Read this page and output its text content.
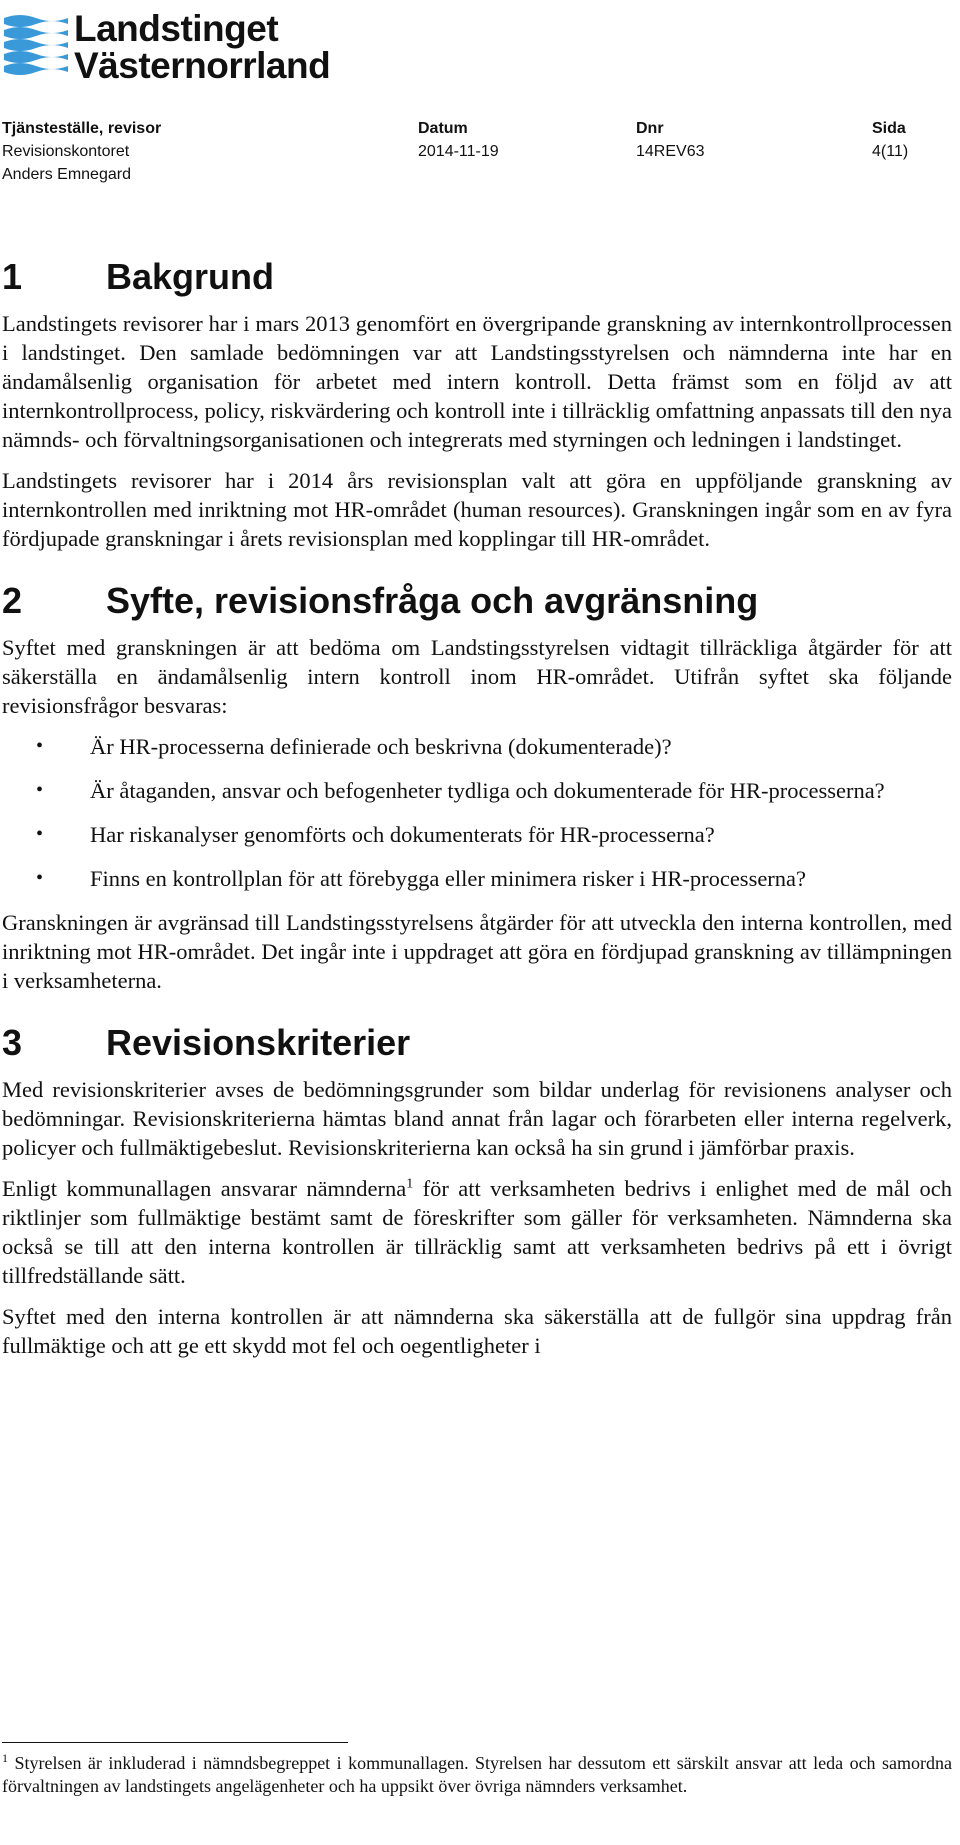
Landstinget
Västernorrland
Tjänsteställe, revisor
Revisionskontoret
Anders Emnegard
Datum
2014-11-19
Dnr
14REV63
Sida
4(11)
1	Bakgrund

Landstingets revisorer har i mars 2013 genomfört en övergripande granskning av internkontrollprocessen i landstinget. Den samlade bedömningen var att Landstingsstyrelsen och nämnderna inte har en ändamålsenlig organisation för arbetet med intern kontroll. Detta främst som en följd av att internkontrollprocess, policy, riskvärdering och kontroll inte i tillräcklig omfattning anpassats till den nya nämnds- och förvaltningsorganisationen och integrerats med styrningen och ledningen i landstinget.

Landstingets revisorer har i 2014 års revisionsplan valt att göra en uppföljande granskning av internkontrollen med inriktning mot HR-området (human resources). Granskningen ingår som en av fyra fördjupade granskningar i årets revisionsplan med kopplingar till HR-området.

2	Syfte, revisionsfråga och avgränsning

Syftet med granskningen är att bedöma om Landstingsstyrelsen vidtagit tillräckliga åtgärder för att säkerställa en ändamålsenlig intern kontroll inom HR-området. Utifrån syftet ska följande revisionsfrågor besvaras:

• Är HR-processerna definierade och beskrivna (dokumenterade)?
• Är åtaganden, ansvar och befogenheter tydliga och dokumenterade för HR-processerna?
• Har riskanalyser genomförts och dokumenterats för HR-processerna?
• Finns en kontrollplan för att förebygga eller minimera risker i HR-processerna?

Granskningen är avgränsad till Landstingsstyrelsens åtgärder för att utveckla den interna kontrollen, med inriktning mot HR-området. Det ingår inte i uppdraget att göra en fördjupad granskning av tillämpningen i verksamheterna.

3	Revisionskriterier

Med revisionskriterier avses de bedömningsgrunder som bildar underlag för revisionens analyser och bedömningar. Revisionskriterierna hämtas bland annat från lagar och förarbeten eller interna regelverk, policyer och fullmäktigebeslut. Revisionskriterierna kan också ha sin grund i jämförbar praxis.

Enligt kommunallagen ansvarar nämnderna$^1$ för att verksamheten bedrivs i enlighet med de mål och riktlinjer som fullmäktige bestämt samt de föreskrifter som gäller för verksamheten. Nämnderna ska också se till att den interna kontrollen är tillräcklig samt att verksamheten bedrivs på ett i övrigt tillfredställande sätt.

Syftet med den interna kontrollen är att nämnderna ska säkerställa att de fullgör sina uppdrag från fullmäktige och att ge ett skydd mot fel och oegentligheter i

$^1$ Styrelsen är inkluderad i nämndsbegreppet i kommunallagen. Styrelsen har dessutom ett särskilt ansvar att leda och samordna förvaltningen av landstingets angelägenheter och ha uppsikt över övriga nämnders verksamhet.
